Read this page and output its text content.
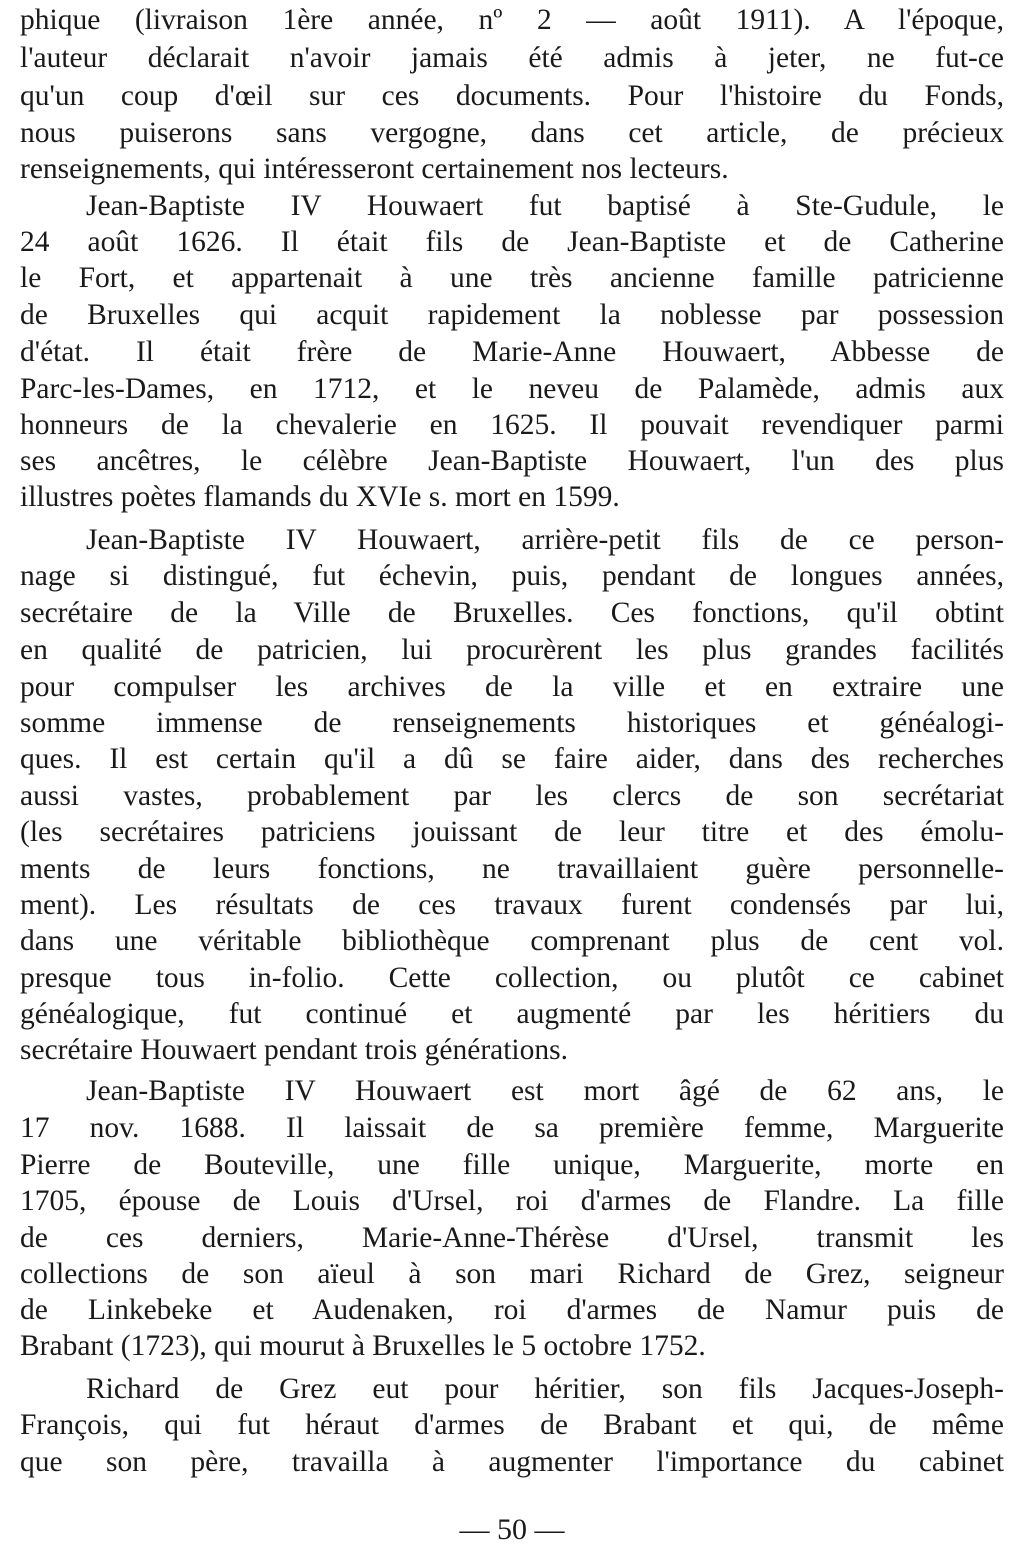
phique (livraison 1ère année, nº 2 — août 1911). A l'époque,
l'auteur déclarait n'avoir jamais été admis à jeter, ne fut-ce
qu'un coup d'œil sur ces documents. Pour l'histoire du Fonds,
nous puiserons sans vergogne, dans cet article, de précieux
renseignements, qui intéresseront certainement nos lecteurs.
Jean-Baptiste IV Houwaert fut baptisé à Ste-Gudule, le
24 août 1626. Il était fils de Jean-Baptiste et de Catherine
le Fort, et appartenait à une très ancienne famille patricienne
de Bruxelles qui acquit rapidement la noblesse par possession
d'état. Il était frère de Marie-Anne Houwaert, Abbesse de
Parc-les-Dames, en 1712, et le neveu de Palamède, admis aux
honneurs de la chevalerie en 1625. Il pouvait revendiquer parmi
ses ancêtres, le célèbre Jean-Baptiste Houwaert, l'un des plus
illustres poètes flamands du XVIe s. mort en 1599.
Jean-Baptiste IV Houwaert, arrière-petit fils de ce person-
nage si distingué, fut échevin, puis, pendant de longues années,
secrétaire de la Ville de Bruxelles. Ces fonctions, qu'il obtint
en qualité de patricien, lui procurèrent les plus grandes facilités
pour compulser les archives de la ville et en extraire une
somme immense de renseignements historiques et généalogi-
ques. Il est certain qu'il a dû se faire aider, dans des recherches
aussi vastes, probablement par les clercs de son secrétariat
(les secrétaires patriciens jouissant de leur titre et des émolu-
ments de leurs fonctions, ne travaillaient guère personnelle-
ment). Les résultats de ces travaux furent condensés par lui,
dans une véritable bibliothèque comprenant plus de cent vol.
presque tous in-folio. Cette collection, ou plutôt ce cabinet
généalogique, fut continué et augmenté par les héritiers du
secrétaire Houwaert pendant trois générations.
Jean-Baptiste IV Houwaert est mort âgé de 62 ans, le
17 nov. 1688. Il laissait de sa première femme, Marguerite
Pierre de Bouteville, une fille unique, Marguerite, morte en
1705, épouse de Louis d'Ursel, roi d'armes de Flandre. La fille
de ces derniers, Marie-Anne-Thérèse d'Ursel, transmit les
collections de son aïeul à son mari Richard de Grez, seigneur
de Linkebeke et Audenaken, roi d'armes de Namur puis de
Brabant (1723), qui mourut à Bruxelles le 5 octobre 1752.
Richard de Grez eut pour héritier, son fils Jacques-Joseph-
François, qui fut héraut d'armes de Brabant et qui, de même
que son père, travailla à augmenter l'importance du cabinet
— 50 —
